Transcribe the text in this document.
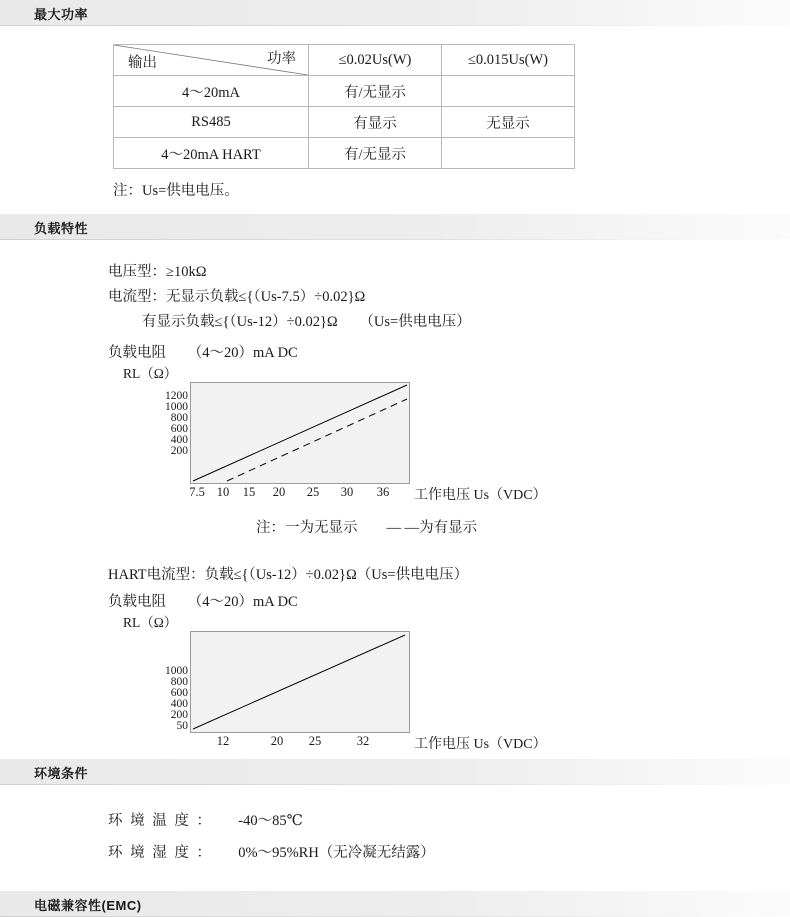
最大功率
输出 功率	≤0.02Us(W)	≤0.015Us(W)
4～20mA	有/无显示	
RS485	有显示	无显示
4～20mA HART	有/无显示	
注：Us=供电电压。
负载特性
电压型：≥10kΩ
电流型：无显示负载≤{（Us-7.5）÷0.02}Ω
有显示负载≤{（Us-12）÷0.02}Ω　　（Us=供电电压）
负载电阻　　（4～20）mA DC
RL（Ω）
1200
1000
800
600
400
200
7.5 10 15 20 25 30 36 工作电压 Us（VDC）
注：一为无显示　　— —为有显示
HART电流型：负载≤{（Us-12）÷0.02}Ω（Us=供电电压）
负载电阻　　（4～20）mA DC
RL（Ω）
1000
800
600
400
200
50
12	20 25	32	工作电压 Us（VDC）
环境条件
环 境 温 度 ： -40～85℃
环 境 湿 度 ： 0%～95%RH（无冷凝无结露）
电磁兼容性(EMC)
